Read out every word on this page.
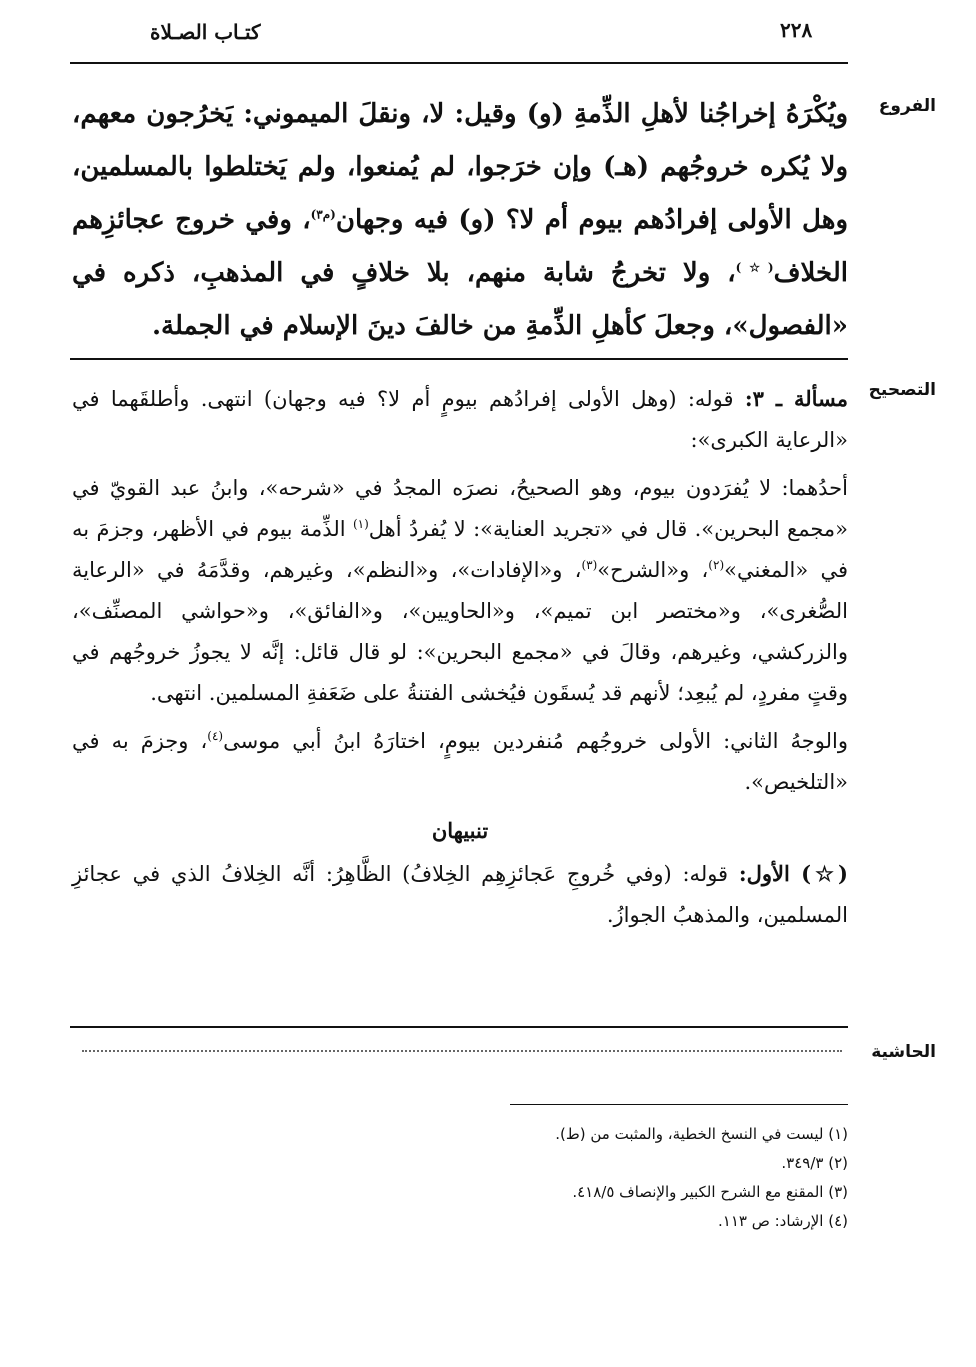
كتـاب الصـلاة	٢٢٨
الفروع

ويُكْرَهُ إخراجُنا لأهلِ الذِّمةِ (و) وقيل: لا، ونقلَ الميموني: يَخرُجون معهم، ولا يُكره خروجُهم (هـ) وإن خرَجوا، لم يُمنعوا، ولم يَختلطوا بالمسلمين، وهل الأولى إفرادُهم بيوم أم لا؟ (و) فيه وجهان$^{(م٣)}$، وفي خروج عجائزِهم الخلاف(☆)، ولا تخرجُ شابة منهم، بلا خلافٍ في المذهبِ، ذكره في «الفصول»، وجعلَ كأهلِ الذِّمةِ من خالفَ دينَ الإسلام في الجملة.

التصحيح

مسألة ـ ٣: قوله: (وهل الأولى إفرادُهم بيومٍ أم لا؟ فيه وجهان) انتهى. وأطلقَهما في «الرعاية الكبرى»:

أحدُهما: لا يُفرَدون بيوم، وهو الصحيحُ، نصرَه المجدُ في «شرحه»، وابنُ عبد القويّ في «مجمع البحرين». قال في «تجريد العناية»: لا يُفردُ أهل$^{(١)}$ الذِّمة بيوم في الأظهر، وجزمَ به في «المغني»$^{(٢)}$، و«الشرح»$^{(٣)}$، و«الإفادات»، و«النظم»، وغيرهم، وقدَّمَهُ في «الرعاية الصُّغرى»، و«مختصر ابن تميم»، و«الحاويين»، و«الفائق»، و«حواشي المصنِّف»، والزركشي، وغيرهم، وقالَ في «مجمع البحرين»: لو قال قائل: إنَّه لا يجوزُ خروجُهم في وقتٍ مفردٍ، لم يُبعِد؛ لأنهم قد يُسقَون فيُخشى الفتنةُ على ضَعَفةِ المسلمين. انتهى.

والوجهُ الثاني: الأولى خروجُهم مُنفردين بيومٍ، اختارَهُ ابنُ أبي موسى$^{(٤)}$، وجزمَ به في «التلخيص».

تنبيهان

(☆) الأول: قوله: (وفي خُروجِ عَجائزِهِم الخِلافُ) الظَّاهِرُ: أنَّه الخِلافُ الذي في عجائزِ المسلمين، والمذهبُ الجوازُ.

الحاشية
(١) ليست في النسخ الخطية، والمثبت من (ط).
(٢) ٣٤٩/٣.
(٣) المقنع مع الشرح الكبير والإنصاف ٤١٨/٥.
(٤) الإرشاد: ص ١١٣.
